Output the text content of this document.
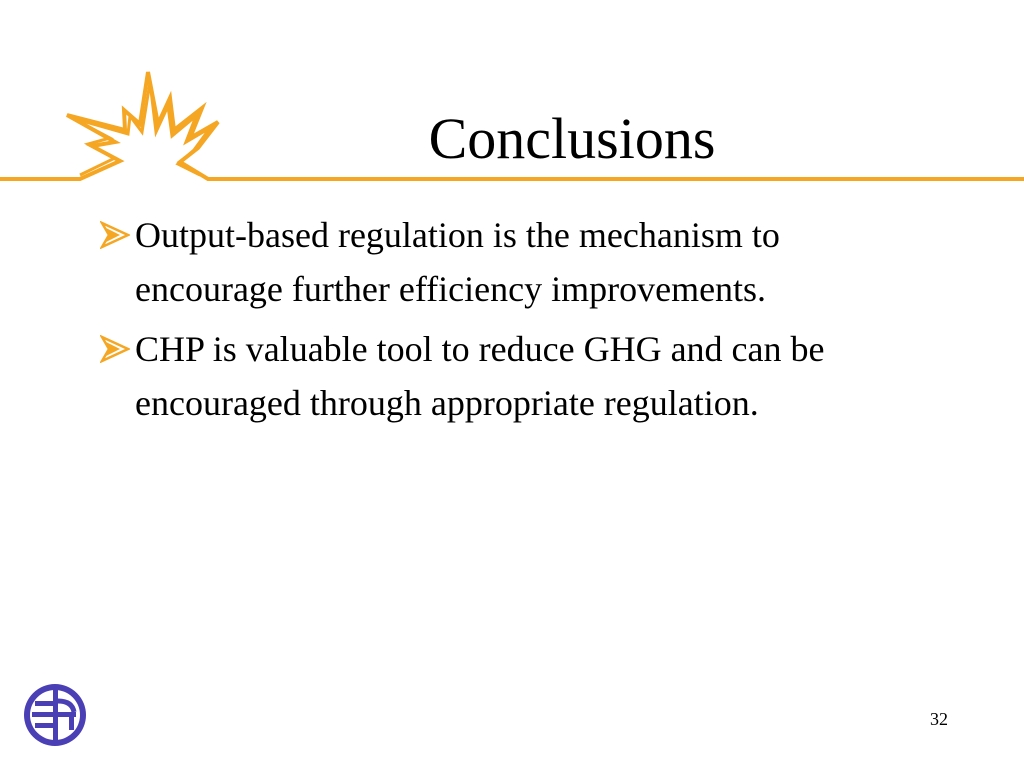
Conclusions
Output-based regulation is the mechanism to encourage further efficiency improvements.
CHP is valuable tool to reduce GHG and can be encouraged through appropriate regulation.
32
